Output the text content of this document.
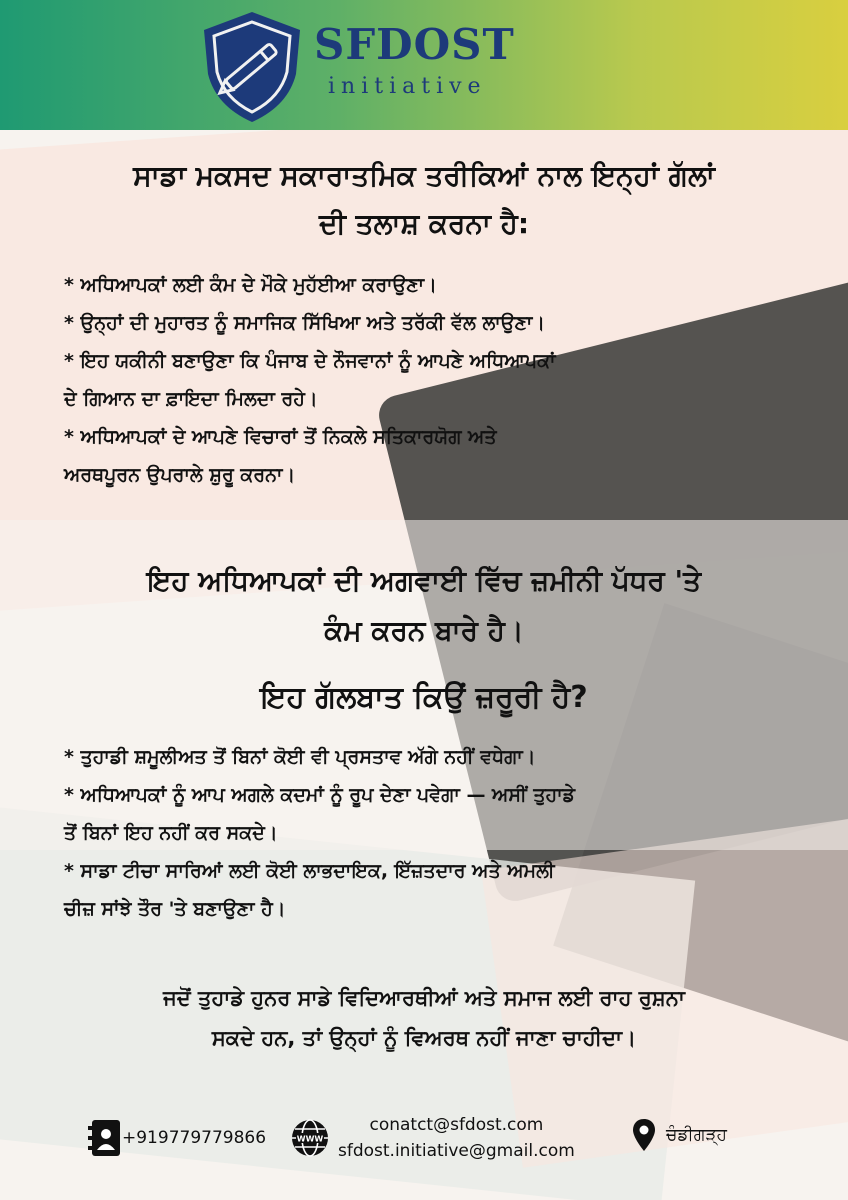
SFDOST
initiative
ਸਾਡਾ ਮਕਸਦ ਸਕਾਰਾਤਮਿਕ ਤਰੀਕਿਆਂ ਨਾਲ ਇਨ੍ਹਾਂ ਗੱਲਾਂ
ਦੀ ਤਲਾਸ਼ ਕਰਨਾ ਹੈ:
* ਅਧਿਆਪਕਾਂ ਲਈ ਕੰਮ ਦੇ ਮੌਕੇ ਮੁਹੱਈਆ ਕਰਾਉਣਾ।
* ਉਨ੍ਹਾਂ ਦੀ ਮੁਹਾਰਤ ਨੂੰ ਸਮਾਜਿਕ ਸਿੱਖਿਆ ਅਤੇ ਤਰੱਕੀ ਵੱਲ ਲਾਉਣਾ।
* ਇਹ ਯਕੀਨੀ ਬਣਾਉਣਾ ਕਿ ਪੰਜਾਬ ਦੇ ਨੌਜਵਾਨਾਂ ਨੂੰ ਆਪਣੇ ਅਧਿਆਪਕਾਂ
ਦੇ ਗਿਆਨ ਦਾ ਫ਼ਾਇਦਾ ਮਿਲਦਾ ਰਹੇ।
* ਅਧਿਆਪਕਾਂ ਦੇ ਆਪਣੇ ਵਿਚਾਰਾਂ ਤੋਂ ਨਿਕਲੇ ਸਤਿਕਾਰਯੋਗ ਅਤੇ
ਅਰਥਪੂਰਨ ਉਪਰਾਲੇ ਸ਼ੁਰੂ ਕਰਨਾ।
ਇਹ ਅਧਿਆਪਕਾਂ ਦੀ ਅਗਵਾਈ ਵਿੱਚ ਜ਼ਮੀਨੀ ਪੱਧਰ 'ਤੇ
ਕੰਮ ਕਰਨ ਬਾਰੇ ਹੈ।
ਇਹ ਗੱਲਬਾਤ ਕਿਉਂ ਜ਼ਰੂਰੀ ਹੈ?
* ਤੁਹਾਡੀ ਸ਼ਮੂਲੀਅਤ ਤੋਂ ਬਿਨਾਂ ਕੋਈ ਵੀ ਪ੍ਰਸਤਾਵ ਅੱਗੇ ਨਹੀਂ ਵਧੇਗਾ।
* ਅਧਿਆਪਕਾਂ ਨੂੰ ਆਪ ਅਗਲੇ ਕਦਮਾਂ ਨੂੰ ਰੂਪ ਦੇਣਾ ਪਵੇਗਾ — ਅਸੀਂ ਤੁਹਾਡੇ
ਤੋਂ ਬਿਨਾਂ ਇਹ ਨਹੀਂ ਕਰ ਸਕਦੇ।
* ਸਾਡਾ ਟੀਚਾ ਸਾਰਿਆਂ ਲਈ ਕੋਈ ਲਾਭਦਾਇਕ, ਇੱਜ਼ਤਦਾਰ ਅਤੇ ਅਮਲੀ
ਚੀਜ਼ ਸਾਂਝੇ ਤੌਰ 'ਤੇ ਬਣਾਉਣਾ ਹੈ।
ਜਦੋਂ ਤੁਹਾਡੇ ਹੁਨਰ ਸਾਡੇ ਵਿਦਿਆਰਥੀਆਂ ਅਤੇ ਸਮਾਜ ਲਈ ਰਾਹ ਰੁਸ਼ਨਾ
ਸਕਦੇ ਹਨ, ਤਾਂ ਉਨ੍ਹਾਂ ਨੂੰ ਵਿਅਰਥ ਨਹੀਂ ਜਾਣਾ ਚਾਹੀਦਾ।
+919779779866	WWW
conatct@sfdost.com
sfdost.initiative@gmail.com
ਚੰਡੀਗੜ੍ਹ
